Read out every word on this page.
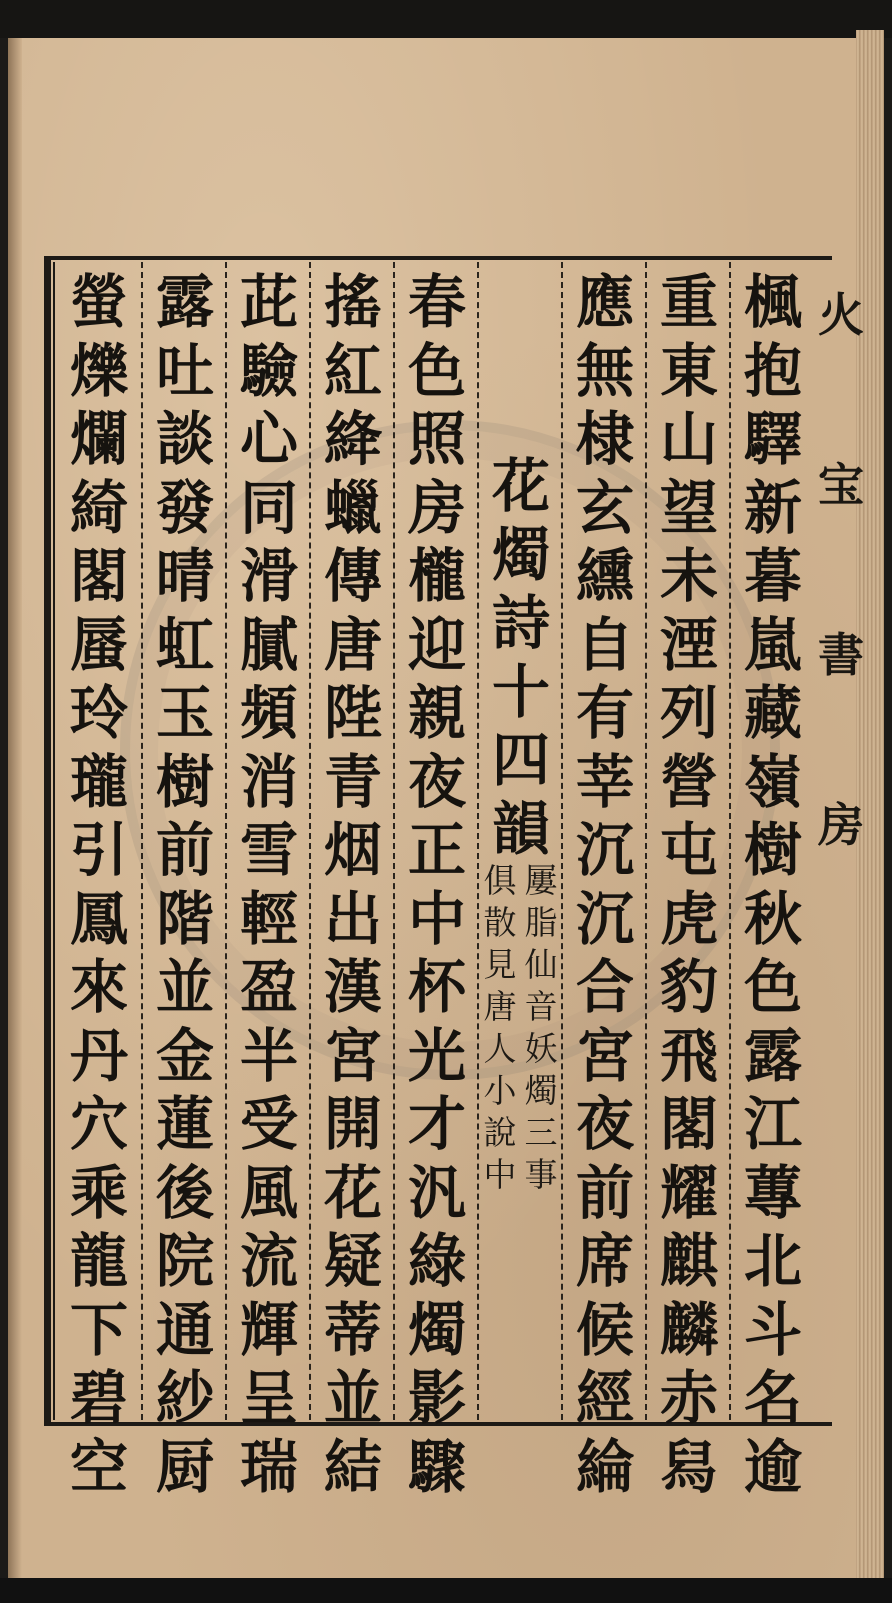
火
宝
書
房
楓
抱
驛
新
暮
嵐
藏
嶺
樹
秋
色
露
江
蓴
北
斗
名
逾
重
東
山
望
未
湮
列
營
屯
虎
豹
飛
閣
耀
麒
麟
赤
舄
應
無
棣
玄
纁
自
有
莘
沉
沉
合
宮
夜
前
席
候
經
綸
花
燭
詩
十
四
韻
屢
脂
仙
音
妖
燭
三
事
俱
散
見
唐
人
小
說
中
春
色
照
房
櫳
迎
親
夜
正
中
杯
光
才
汎
綠
燭
影
驟
搖
紅
絳
蠟
傳
唐
陛
青
烟
出
漢
宮
開
花
疑
蒂
並
結
茈
驗
心
同
滑
膩
頻
消
雪
輕
盈
半
受
風
流
輝
呈
瑞
露
吐
談
發
晴
虹
玉
樹
前
階
並
金
蓮
後
院
通
紗
厨
螢
爍
爛
綺
閣
蜃
玲
瓏
引
鳳
來
丹
穴
乘
龍
下
碧
空
